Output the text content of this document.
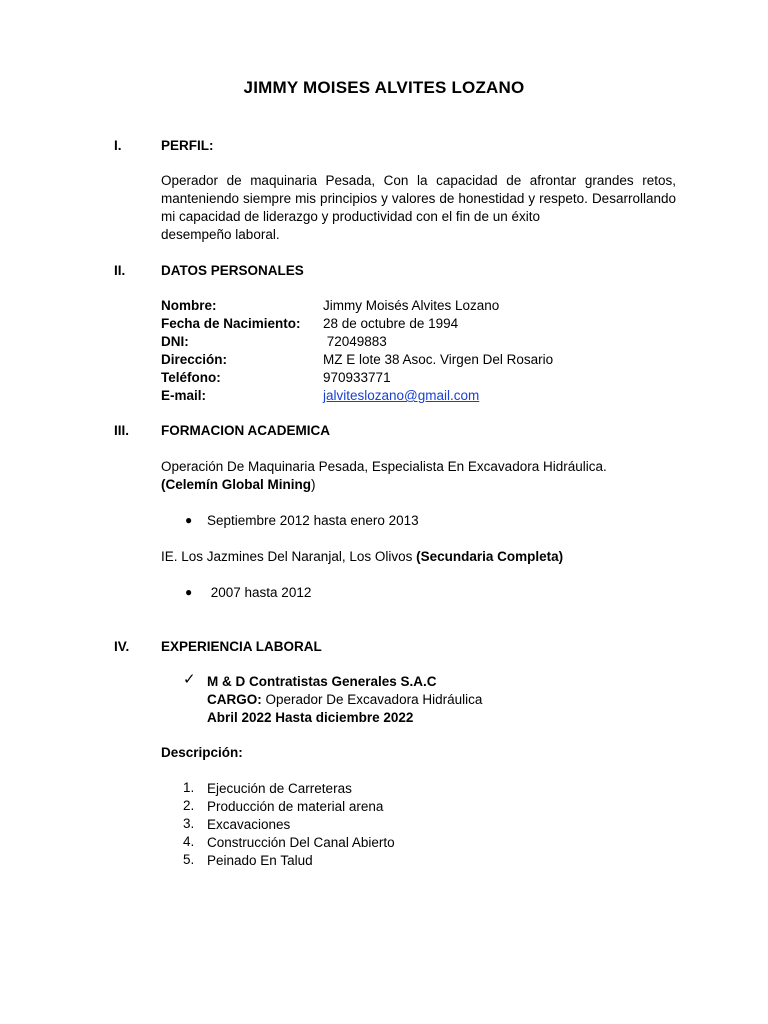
JIMMY MOISES ALVITES LOZANO
I.	PERFIL:
Operador de maquinaria Pesada, Con la capacidad de afrontar grandes retos, manteniendo siempre mis principios y valores de honestidad y respeto. Desarrollando mi capacidad de liderazgo y productividad con el fin de un éxito
desempeño laboral.
II.	DATOS PERSONALES
Nombre:	Jimmy Moisés Alvites Lozano
Fecha de Nacimiento: 28 de octubre de 1994
DNI:	72049883
Dirección:	MZ E lote 38 Asoc. Virgen Del Rosario
Teléfono:	970933771
E-mail:	jalviteslozano@gmail.com
III. FORMACION ACADEMICA
Operación De Maquinaria Pesada, Especialista En Excavadora Hidráulica.
(Celemín Global Mining)
● Septiembre 2012 hasta enero 2013
IE. Los Jazmines Del Naranjal, Los Olivos (Secundaria Completa)
● 2007 hasta 2012
IV. EXPERIENCIA LABORAL
✓ M & D Contratistas Generales S.A.C
CARGO: Operador De Excavadora Hidráulica
Abril 2022 Hasta diciembre 2022
Descripción:
1. Ejecución de Carreteras
2. Producción de material arena
3. Excavaciones
4. Construcción Del Canal Abierto
5. Peinado En Talud
